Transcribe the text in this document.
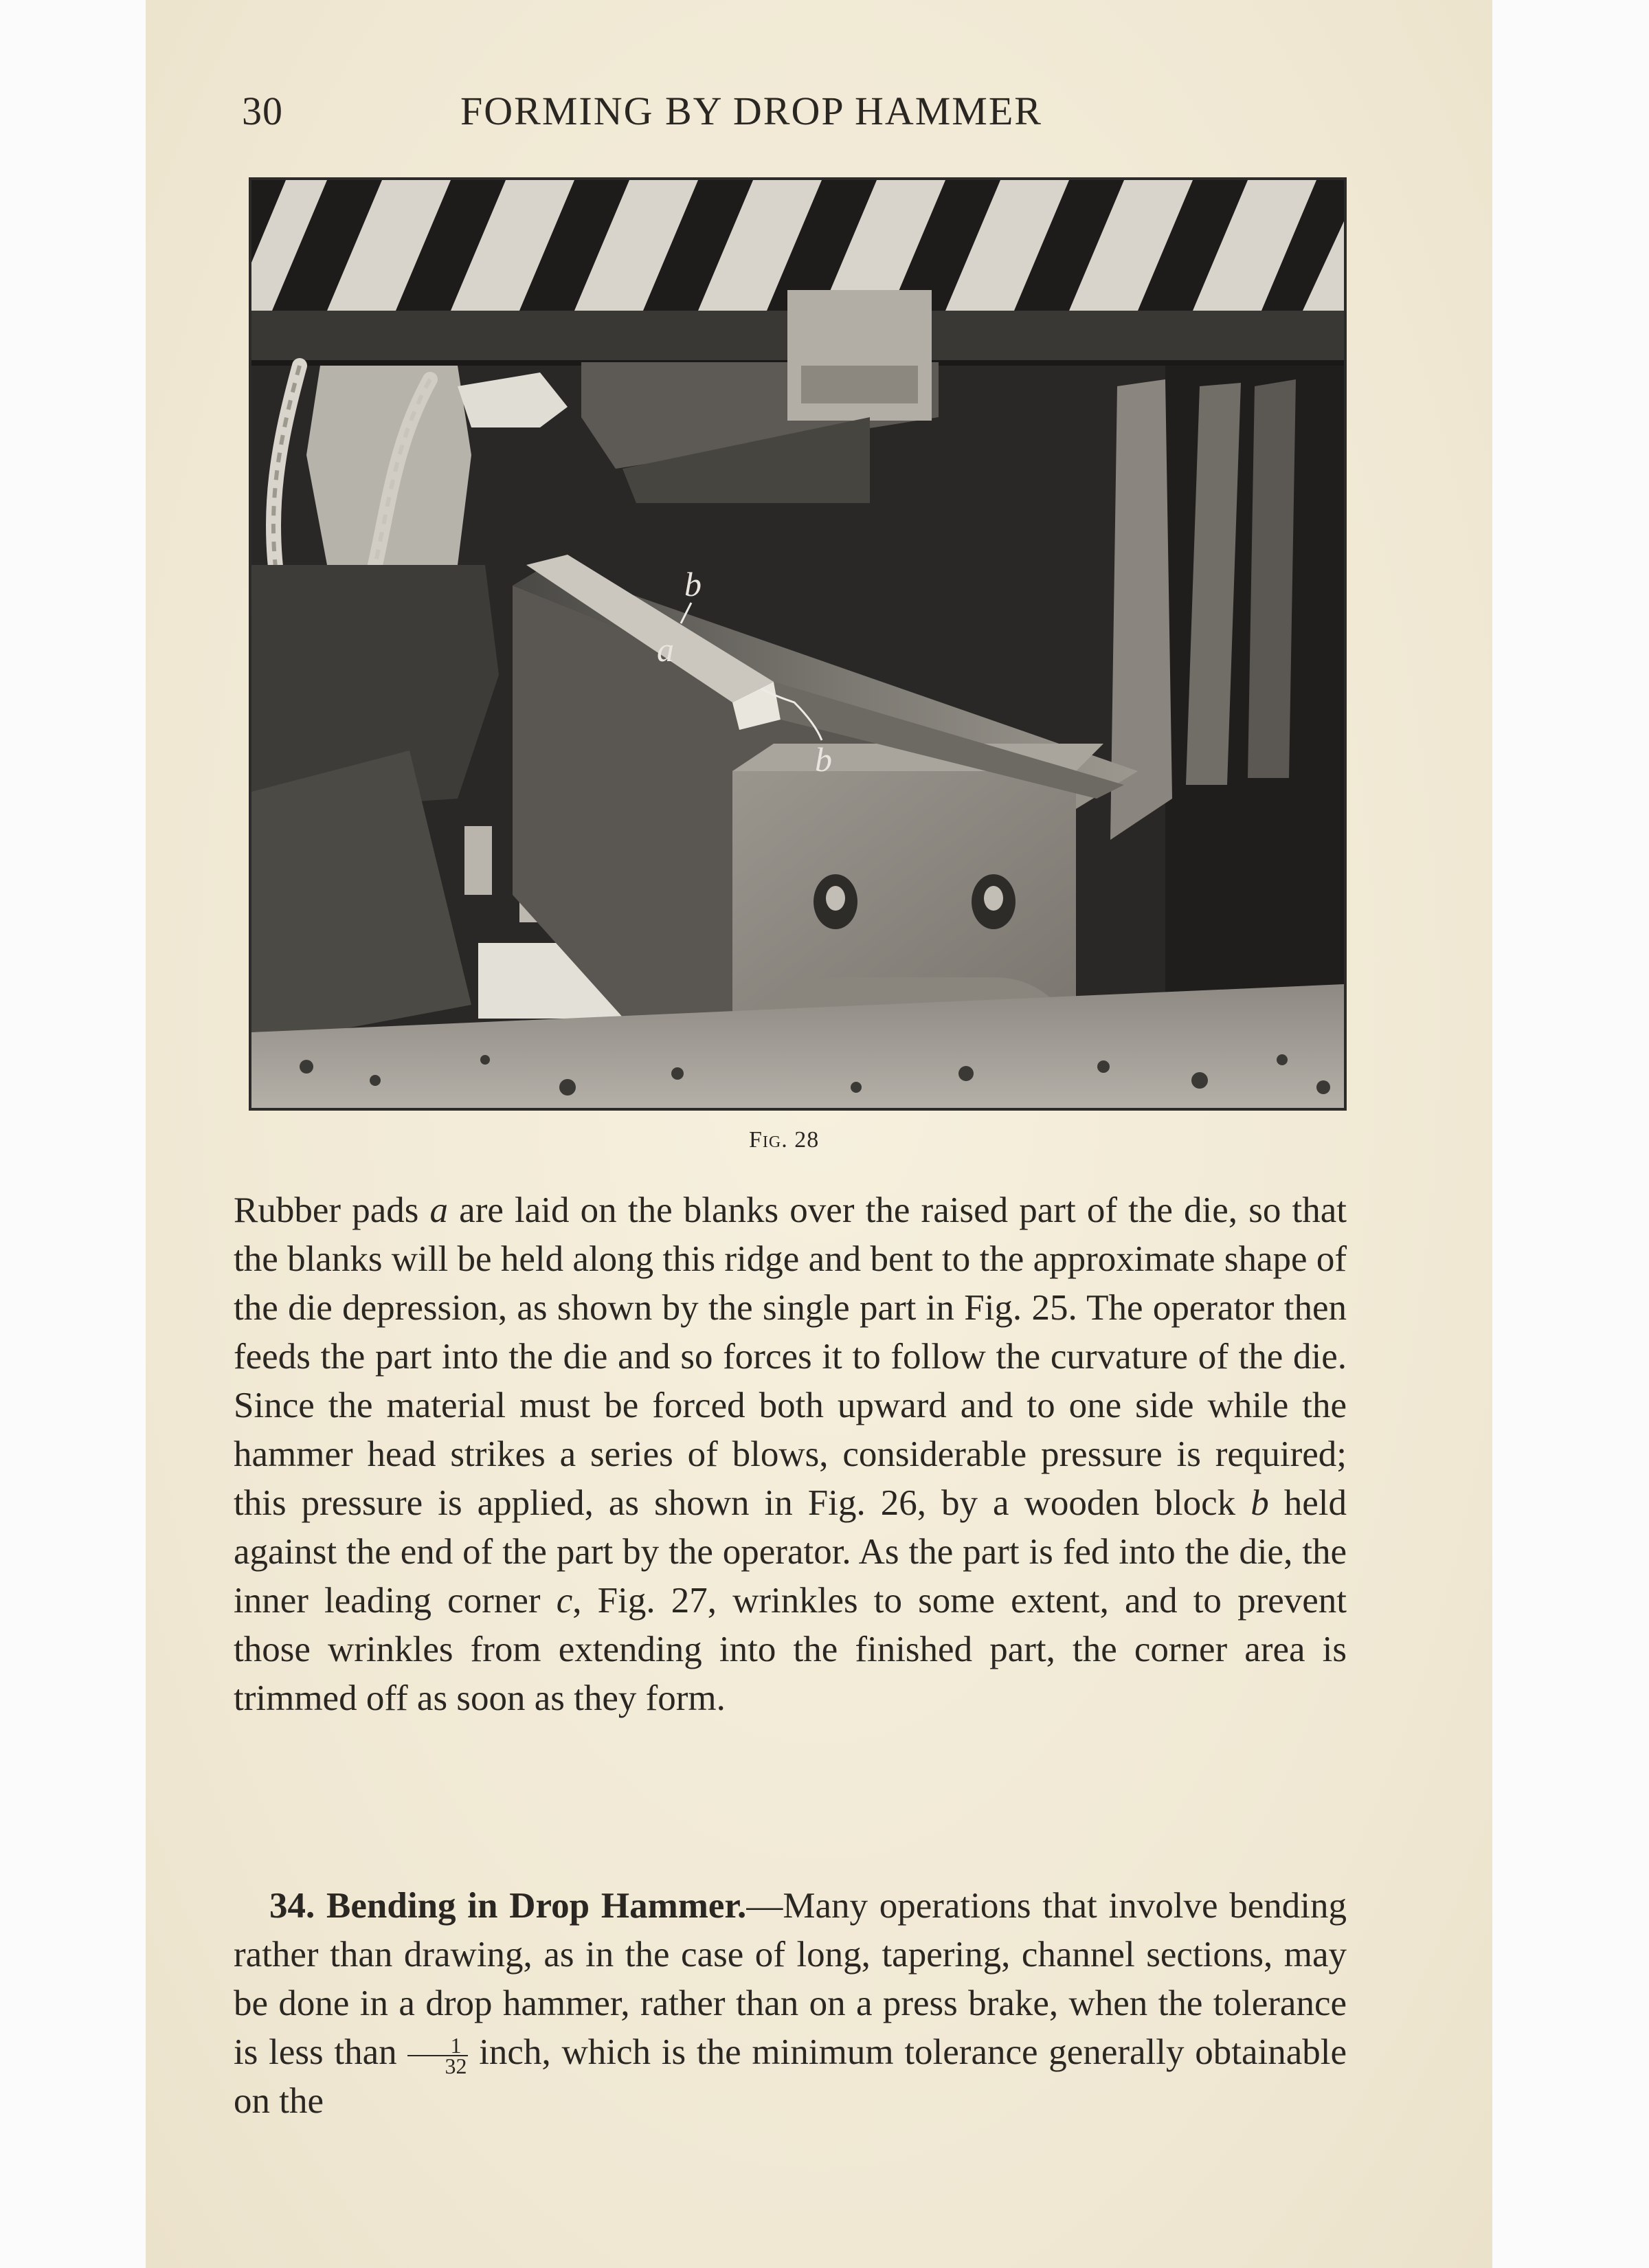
30	FORMING BY DROP HAMMER
b
a
b
Fig. 28

Rubber pads a are laid on the blanks over the raised part of the die, so that the blanks will be held along this ridge and bent to the approximate shape of the die depression, as shown by the single part in Fig. 25. The operator then feeds the part into the die and so forces it to follow the curvature of the die. Since the material must be forced both upward and to one side while the hammer head strikes a series of blows, considerable pressure is required; this pressure is applied, as shown in Fig. 26, by a wooden block b held against the end of the part by the operator. As the part is fed into the die, the inner leading corner c, Fig. 27, wrinkles to some extent, and to prevent those wrinkles from extending into the finished part, the corner area is trimmed off as soon as they form.

34. Bending in Drop Hammer.—Many operations that involve bending rather than drawing, as in the case of long, tapering, channel sections, may be done in a drop hammer, rather than on a press brake, when the tolerance is less than $\frac{1}{32}$ inch, which is the minimum tolerance generally obtainable on the
